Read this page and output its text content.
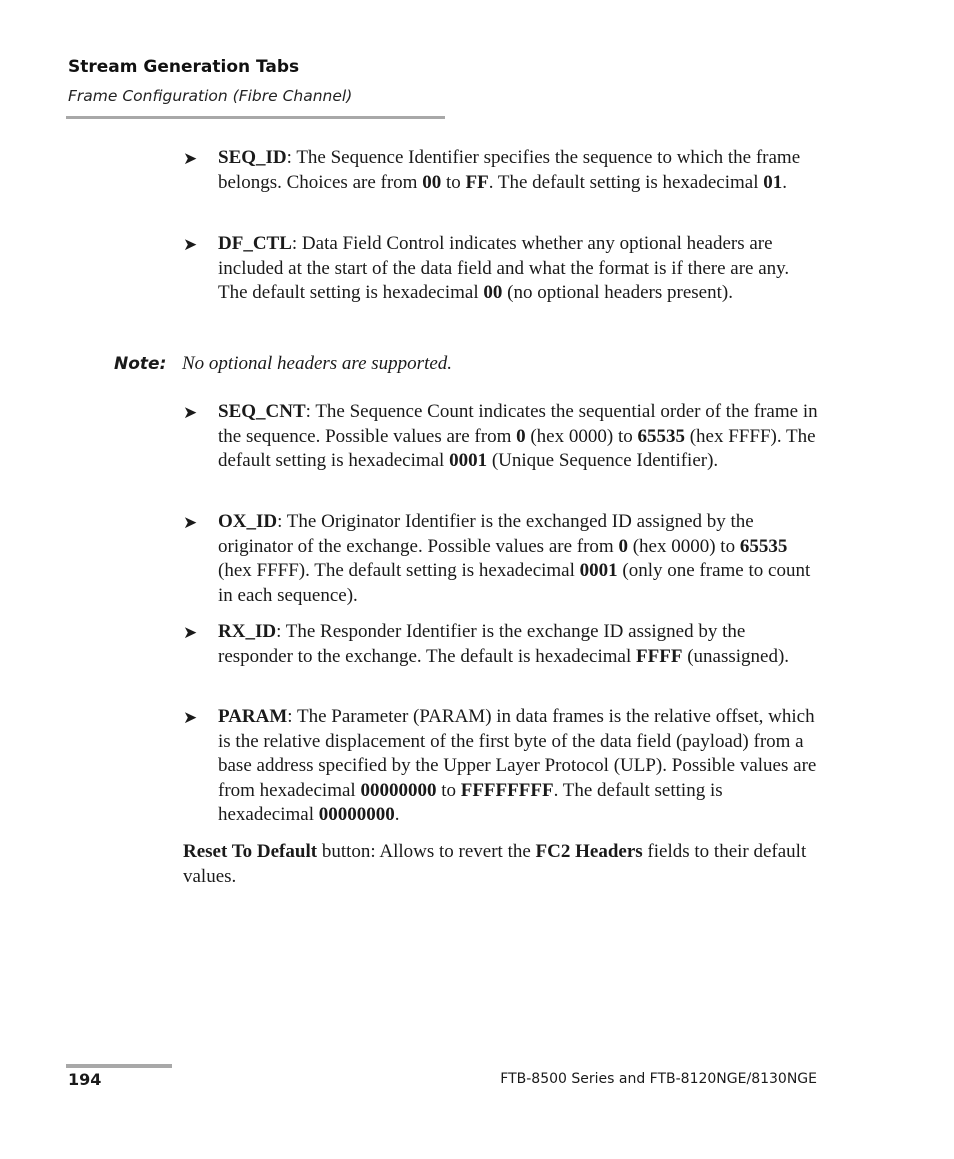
Stream Generation Tabs
Frame Configuration (Fibre Channel)
➤ SEQ_ID: The Sequence Identifier specifies the sequence to which the frame belongs. Choices are from 00 to FF. The default setting is hexadecimal 01.
➤ DF_CTL: Data Field Control indicates whether any optional headers are included at the start of the data field and what the format is if there are any. The default setting is hexadecimal 00 (no optional headers present).
Note: No optional headers are supported.
➤ SEQ_CNT: The Sequence Count indicates the sequential order of the frame in the sequence. Possible values are from 0 (hex 0000) to 65535 (hex FFFF). The default setting is hexadecimal 0001 (Unique Sequence Identifier).
➤ OX_ID: The Originator Identifier is the exchanged ID assigned by the originator of the exchange. Possible values are from 0 (hex 0000) to 65535 (hex FFFF). The default setting is hexadecimal 0001 (only one frame to count in each sequence).
➤ RX_ID: The Responder Identifier is the exchange ID assigned by the responder to the exchange. The default is hexadecimal FFFF (unassigned).
➤ PARAM: The Parameter (PARAM) in data frames is the relative offset, which is the relative displacement of the first byte of the data field (payload) from a base address specified by the Upper Layer Protocol (ULP). Possible values are from hexadecimal 00000000 to FFFFFFFF. The default setting is hexadecimal 00000000.
Reset To Default button: Allows to revert the FC2 Headers fields to their default values.
194	FTB-8500 Series and FTB-8120NGE/8130NGE
